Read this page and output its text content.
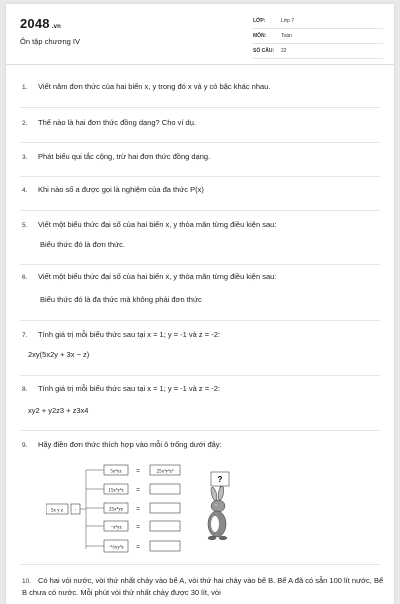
2048 .vn
Ôn tập chương IV
LỚP:	Lớp 7
MÔN:	Toán
SỐ CÂU:	22
1. Viết năm đơn thức của hai biến x, y trong đó x và y có bậc khác nhau.
2. Thế nào là hai đơn thức đồng dạng? Cho ví dụ.
3. Phát biểu qui tắc cộng, trừ hai đơn thức đồng dạng.
4. Khi nào số a được gọi là nghiệm của đa thức P(x)
5. Viết một biểu thức đại số của hai biến x, y thỏa mãn từng điều kiện sau:
Biểu thức đó là đơn thức.
6. Viết một biểu thức đại số của hai biến x, y thỏa mãn từng điều kiện sau:
Biểu thức đó là đa thức mà không phải đơn thức
7. Tính giá trị mỗi biểu thức sau tại x = 1; y = -1 và z = -2:
2xy(5x2y + 3x − z)
8. Tính giá trị mỗi biểu thức sau tại x = 1; y = -1 và z = -2:
xy2 + y2z3 + z3x4
9. Hãy điền đơn thức thích hợp vào mỗi ô trống dưới đây:
5x y z ·
5x²yz =	25x³y²z²
15x³y²z =
25x⁴yz =
−x²yz =
−½xy³z =
?
10. Có hai vòi nước, vòi thứ nhất chảy vào bể A, vòi thứ hai chảy vào bể B. Bể A đã có sẵn 100 lít nước, Bể B chưa có nước. Mỗi phút vòi thứ nhất chảy được 30 lít, vòi
